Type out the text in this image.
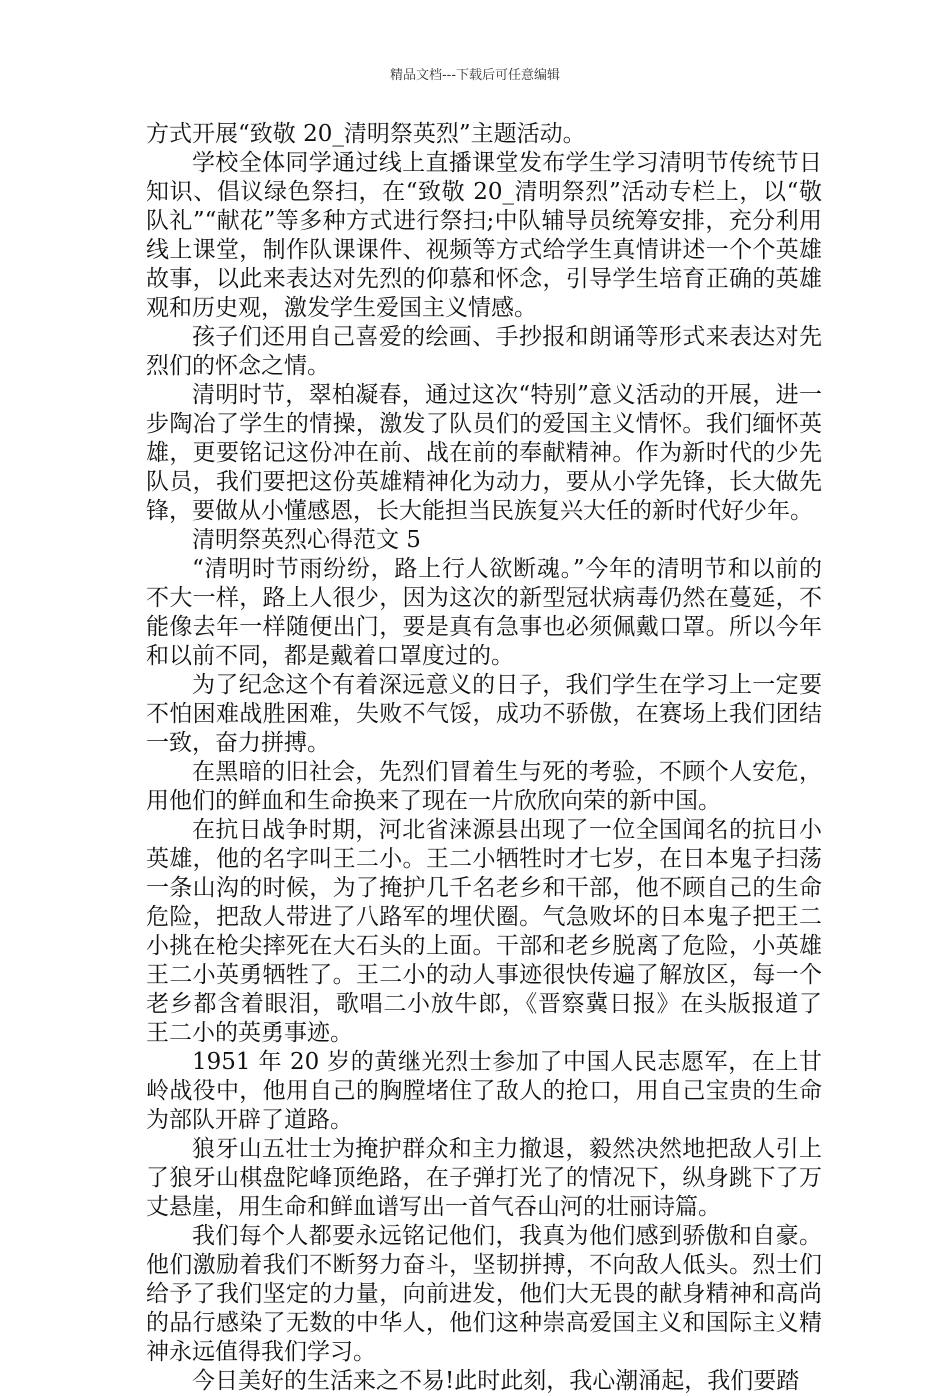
精品文档---下载后可任意编辑

方式开展“致敬 20_清明祭英烈”主题活动。

学校全体同学通过线上直播课堂发布学生学习清明节传统节日知识、倡议绿色祭扫，在“致敬 20_清明祭烈”活动专栏上，以“敬队礼”“献花”等多种方式进行祭扫;中队辅导员统筹安排，充分利用线上课堂，制作队课课件、视频等方式给学生真情讲述一个个英雄故事，以此来表达对先烈的仰慕和怀念，引导学生培育正确的英雄观和历史观，激发学生爱国主义情感。

孩子们还用自己喜爱的绘画、手抄报和朗诵等形式来表达对先烈们的怀念之情。

清明时节，翠柏凝春，通过这次“特别”意义活动的开展，进一步陶冶了学生的情操，激发了队员们的爱国主义情怀。我们缅怀英雄，更要铭记这份冲在前、战在前的奉献精神。作为新时代的少先队员，我们要把这份英雄精神化为动力，要从小学先锋，长大做先锋，要做从小懂感恩，长大能担当民族复兴大任的新时代好少年。

清明祭英烈心得范文 5

“清明时节雨纷纷，路上行人欲断魂。”今年的清明节和以前的不大一样，路上人很少，因为这次的新型冠状病毒仍然在蔓延，不能像去年一样随便出门，要是真有急事也必须佩戴口罩。所以今年和以前不同，都是戴着口罩度过的。

为了纪念这个有着深远意义的日子，我们学生在学习上一定要不怕困难战胜困难，失败不气馁，成功不骄傲，在赛场上我们团结一致，奋力拼搏。

在黑暗的旧社会，先烈们冒着生与死的考验，不顾个人安危，用他们的鲜血和生命换来了现在一片欣欣向荣的新中国。

在抗日战争时期，河北省涞源县出现了一位全国闻名的抗日小英雄，他的名字叫王二小。王二小牺牲时才七岁，在日本鬼子扫荡一条山沟的时候，为了掩护几千名老乡和干部，他不顾自己的生命危险，把敌人带进了八路军的埋伏圈。气急败坏的日本鬼子把王二小挑在枪尖摔死在大石头的上面。干部和老乡脱离了危险，小英雄王二小英勇牺牲了。王二小的动人事迹很快传遍了解放区，每一个老乡都含着眼泪，歌唱二小放牛郎，《晋察冀日报》在头版报道了王二小的英勇事迹。

1951 年 20 岁的黄继光烈士参加了中国人民志愿军，在上甘岭战役中，他用自己的胸膛堵住了敌人的抢口，用自己宝贵的生命为部队开辟了道路。

狼牙山五壮士为掩护群众和主力撤退，毅然决然地把敌人引上了狼牙山棋盘陀峰顶绝路，在子弹打光了的情况下，纵身跳下了万丈悬崖，用生命和鲜血谱写出一首气吞山河的壮丽诗篇。

我们每个人都要永远铭记他们，我真为他们感到骄傲和自豪。他们激励着我们不断努力奋斗，坚韧拼搏，不向敌人低头。烈士们给予了我们坚定的力量，向前进发，他们大无畏的献身精神和高尚的品行感染了无数的中华人，他们这种崇高爱国主义和国际主义精神永远值得我们学习。

今日美好的生活来之不易!此时此刻，我心潮涌起，我们要踏
